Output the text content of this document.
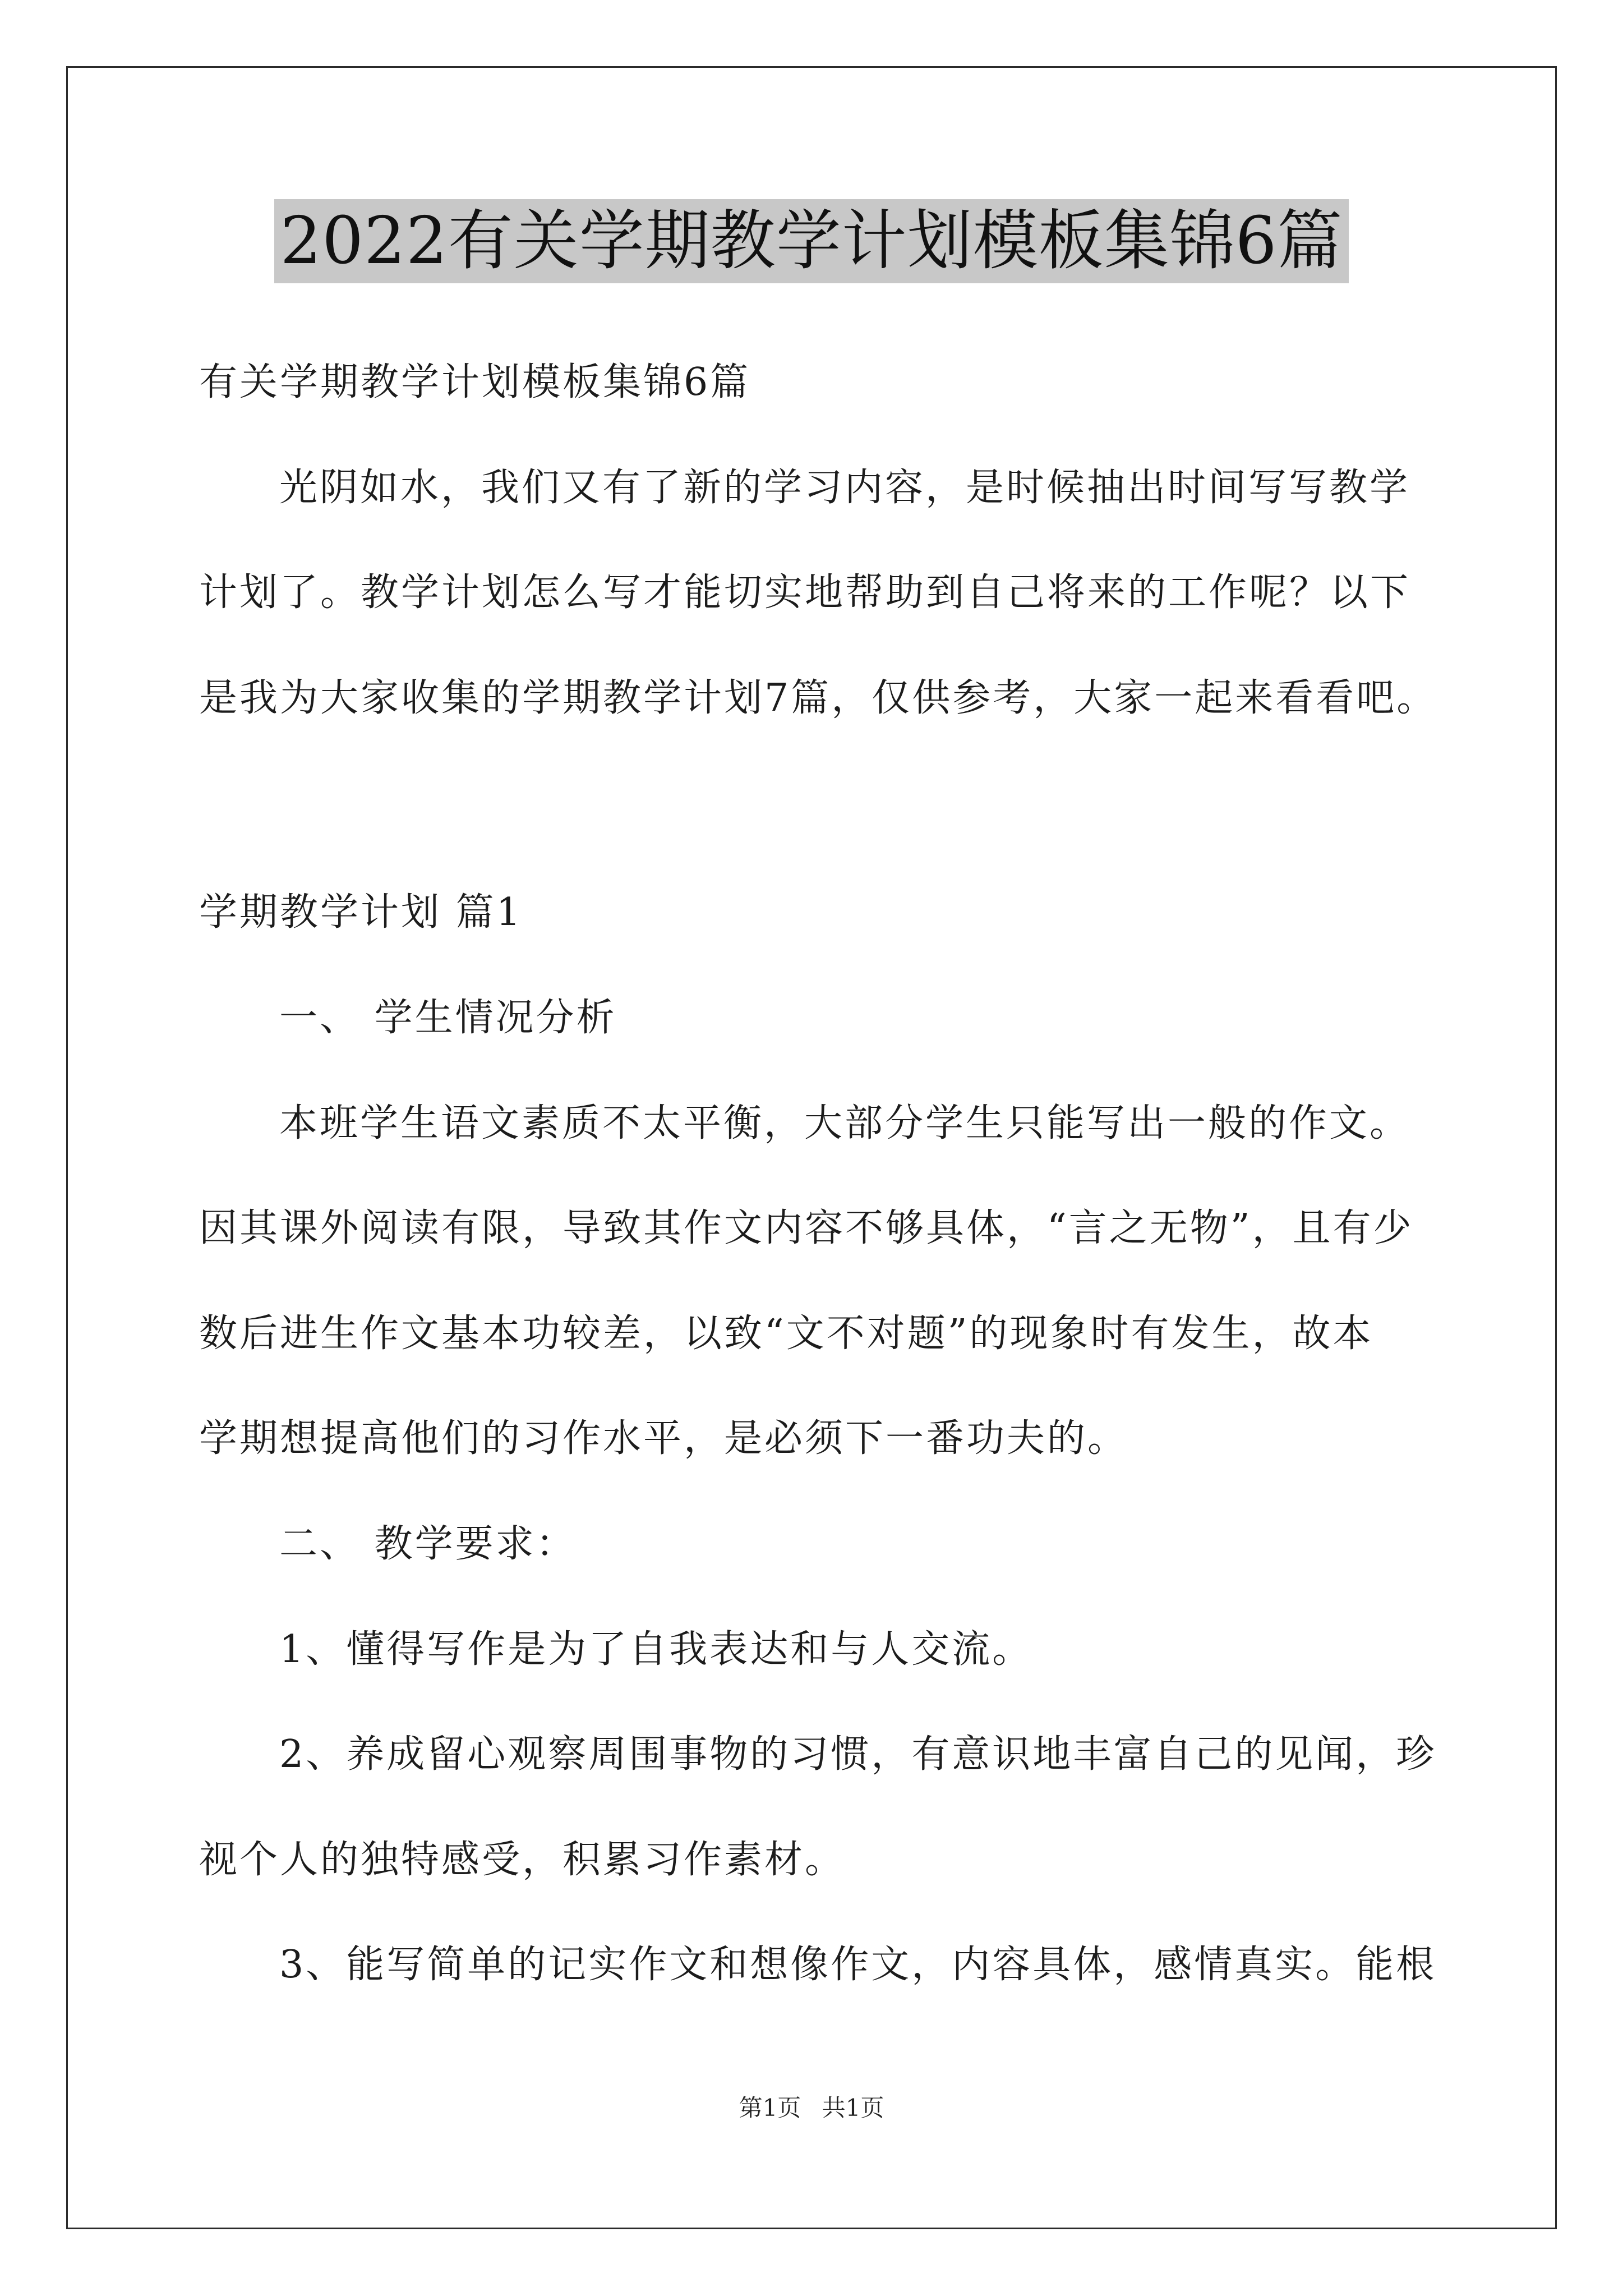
2022有关学期教学计划模板集锦6篇
有关学期教学计划模板集锦6篇
光阴如水，我们又有了新的学习内容，是时候抽出时间写写教学
计划了。教学计划怎么写才能切实地帮助到自己将来的工作呢？以下
是我为大家收集的学期教学计划7篇，仅供参考，大家一起来看看吧。
学期教学计划 篇1
一、 学生情况分析
本班学生语文素质不太平衡，大部分学生只能写出一般的作文。
因其课外阅读有限，导致其作文内容不够具体，“言之无物”，且有少
数后进生作文基本功较差，以致“文不对题”的现象时有发生，故本
学期想提高他们的习作水平，是必须下一番功夫的。
二、 教学要求：
1、懂得写作是为了自我表达和与人交流。
2、养成留心观察周围事物的习惯，有意识地丰富自己的见闻，珍
视个人的独特感受，积累习作素材。
3、能写简单的记实作文和想像作文，内容具体，感情真实。能根
第1页 共1页
